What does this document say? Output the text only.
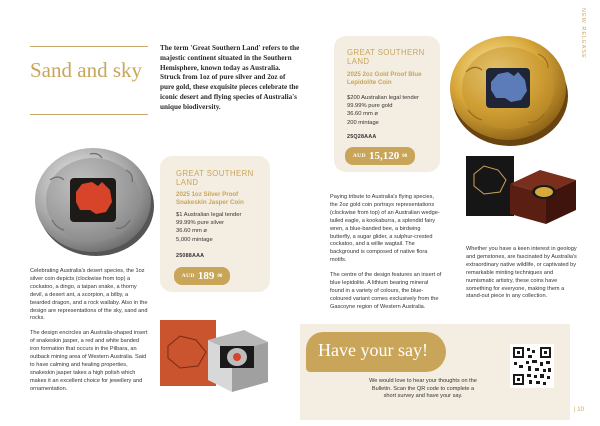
NEW RELEASE
Sand and sky
The term 'Great Southern Land' refers to the majestic continent situated in the Southern Hemisphere, known today as Australia. Struck from 1oz of pure silver and 2oz of pure gold, these exquisite pieces celebrate the iconic desert and flying species of Australia's unique biodiversity.
GREAT SOUTHERN LAND
2025 1oz Silver Proof Snakeskin Jasper Coin
$1 Australian legal tender
99.99% pure silver
36.60 mm ø
5,000 mintage
25088AAA
AUD 189 00
GREAT SOUTHERN LAND
2025 2oz Gold Proof Blue Lepidolite Coin
$200 Australian legal tender
99.99% pure gold
36.60 mm ø
200 mintage
25Q28AAA
AUD 15,120 00

Celebrating Australia's desert species, the 1oz silver coin depicts (clockwise from top) a cockatoo, a dingo, a taipan snake, a thorny devil, a desert ant, a scorpion, a bilby, a bearded dragon, and a rock wallaby. Also in the design are representations of the sky, sand and rocks.

The design encircles an Australia-shaped insert of snakeskin jasper, a red and white banded iron formation that occurs in the Pilbara, an outback mining area of Western Australia. Said to have calming and healing properties, snakeskin jasper takes a high polish which makes it an excellent choice for jewellery and ornamentation.

Paying tribute to Australia's flying species, the 2oz gold coin portrays representations (clockwise from top) of an Australian wedge-tailed eagle, a kookaburra, a splendid fairy wren, a blue-banded bee, a birdwing butterfly, a sugar glider, a sulphur-crested cockatoo, and a willie wagtail. The background is composed of native flora motifs.

The centre of the design features an insert of blue lepidolite. A lithium bearing mineral found in a variety of colours, the blue-coloured variant comes exclusively from the Gascoyne region of Western Australia.

Whether you have a keen interest in geology and gemstones, are fascinated by Australia's extraordinary native wildlife, or captivated by remarkable minting techniques and numismatic artistry, these coins have something for everyone, making them a stand-out piece in any collection.
Have your say!
We would love to hear your thoughts on the Bulletin. Scan the QR code to complete a short survey and have your say.
| 10
